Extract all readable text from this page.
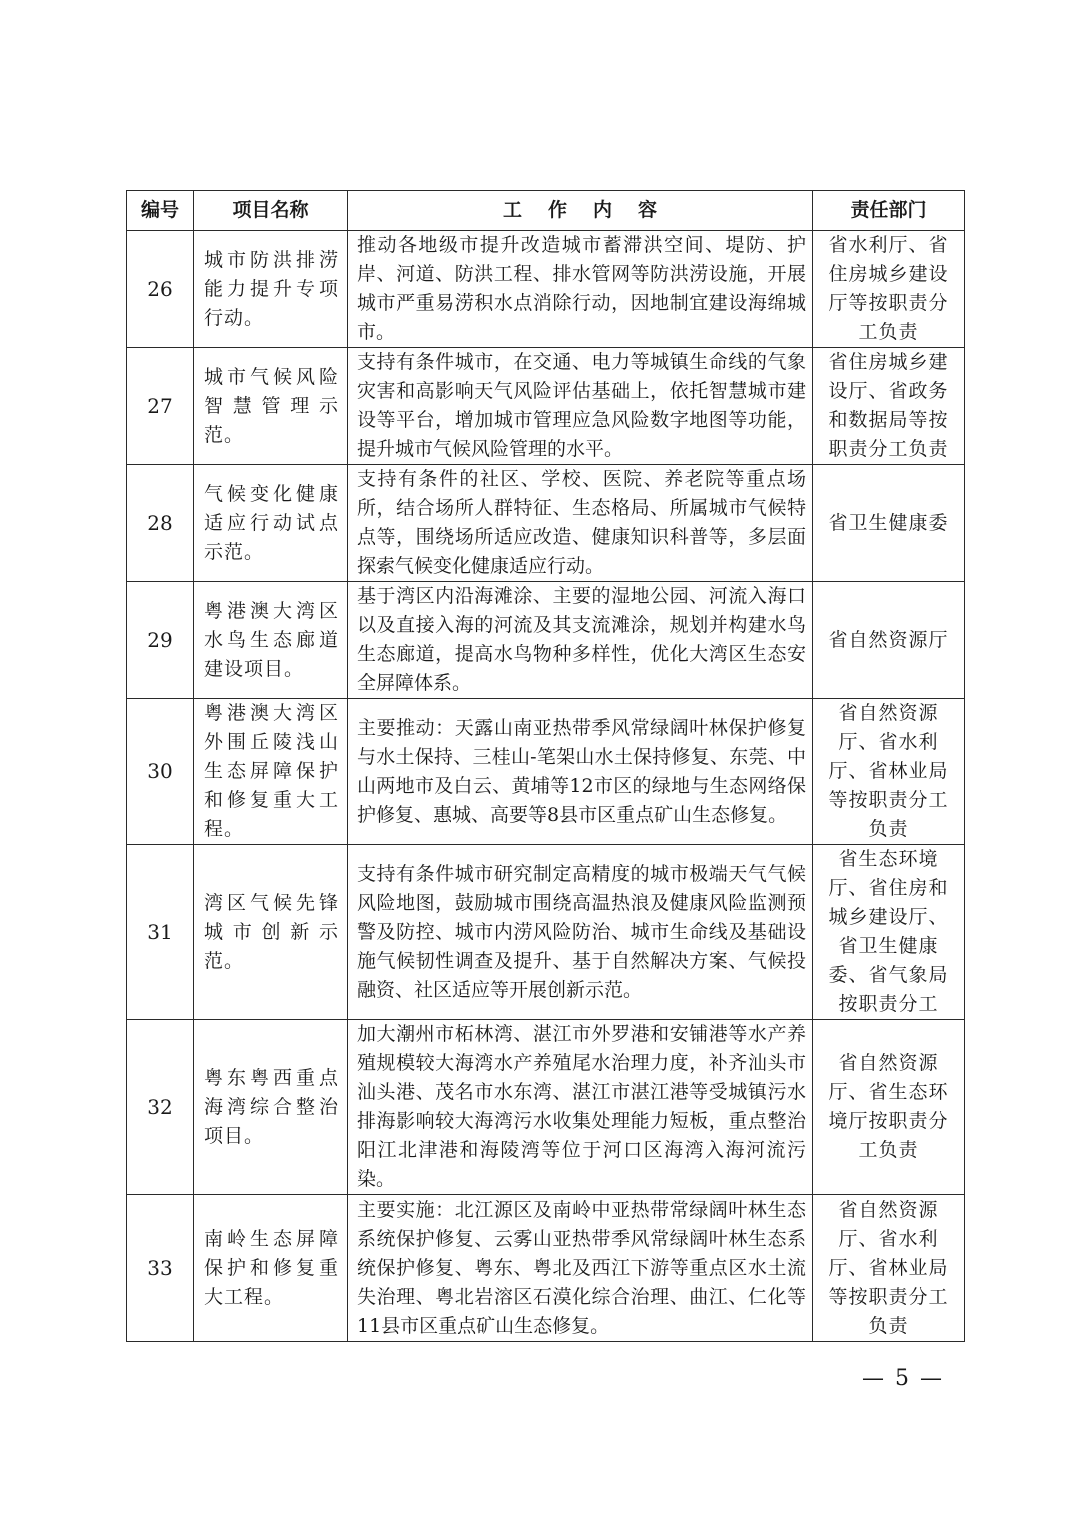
编号	项目名称	工作内容	责任部门
26	城市防洪排涝能力提升专项行动。	推动各地级市提升改造城市蓄滞洪空间、堤防、护岸、河道、防洪工程、排水管网等防洪涝设施，开展城市严重易涝积水点消除行动，因地制宜建设海绵城市。	省水利厅、省住房城乡建设厅等按职责分工负责
27	城市气候风险智慧管理示范。	支持有条件城市，在交通、电力等城镇生命线的气象灾害和高影响天气风险评估基础上，依托智慧城市建设等平台，增加城市管理应急风险数字地图等功能，提升城市气候风险管理的水平。	省住房城乡建设厅、省政务和数据局等按职责分工负责
28	气候变化健康适应行动试点示范。	支持有条件的社区、学校、医院、养老院等重点场所，结合场所人群特征、生态格局、所属城市气候特点等，围绕场所适应改造、健康知识科普等，多层面探索气候变化健康适应行动。	省卫生健康委
29	粤港澳大湾区水鸟生态廊道建设项目。	基于湾区内沿海滩涂、主要的湿地公园、河流入海口以及直接入海的河流及其支流滩涂，规划并构建水鸟生态廊道，提高水鸟物种多样性，优化大湾区生态安全屏障体系。	省自然资源厅
30	粤港澳大湾区外围丘陵浅山生态屏障保护和修复重大工程。	主要推动：天露山南亚热带季风常绿阔叶林保护修复与水土保持、三桂山-笔架山水土保持修复、东莞、中山两地市及白云、黄埔等12市区的绿地与生态网络保护修复、惠城、高要等8县市区重点矿山生态修复。	省自然资源厅、省水利厅、省林业局等按职责分工负责
31	湾区气候先锋城市创新示范。	支持有条件城市研究制定高精度的城市极端天气气候风险地图，鼓励城市围绕高温热浪及健康风险监测预警及防控、城市内涝风险防治、城市生命线及基础设施气候韧性调查及提升、基于自然解决方案、气候投融资、社区适应等开展创新示范。	省生态环境厅、省住房和城乡建设厅、省卫生健康委、省气象局按职责分工
32	粤东粤西重点海湾综合整治项目。	加大潮州市柘林湾、湛江市外罗港和安铺港等水产养殖规模较大海湾水产养殖尾水治理力度，补齐汕头市汕头港、茂名市水东湾、湛江市湛江港等受城镇污水排海影响较大海湾污水收集处理能力短板，重点整治阳江北津港和海陵湾等位于河口区海湾入海河流污染。	省自然资源厅、省生态环境厅按职责分工负责
33	南岭生态屏障保护和修复重大工程。	主要实施：北江源区及南岭中亚热带常绿阔叶林生态系统保护修复、云雾山亚热带季风常绿阔叶林生态系统保护修复、粤东、粤北及西江下游等重点区水土流失治理、粤北岩溶区石漠化综合治理、曲江、仁化等11县市区重点矿山生态修复。	省自然资源厅、省水利厅、省林业局等按职责分工负责
— 5 —
